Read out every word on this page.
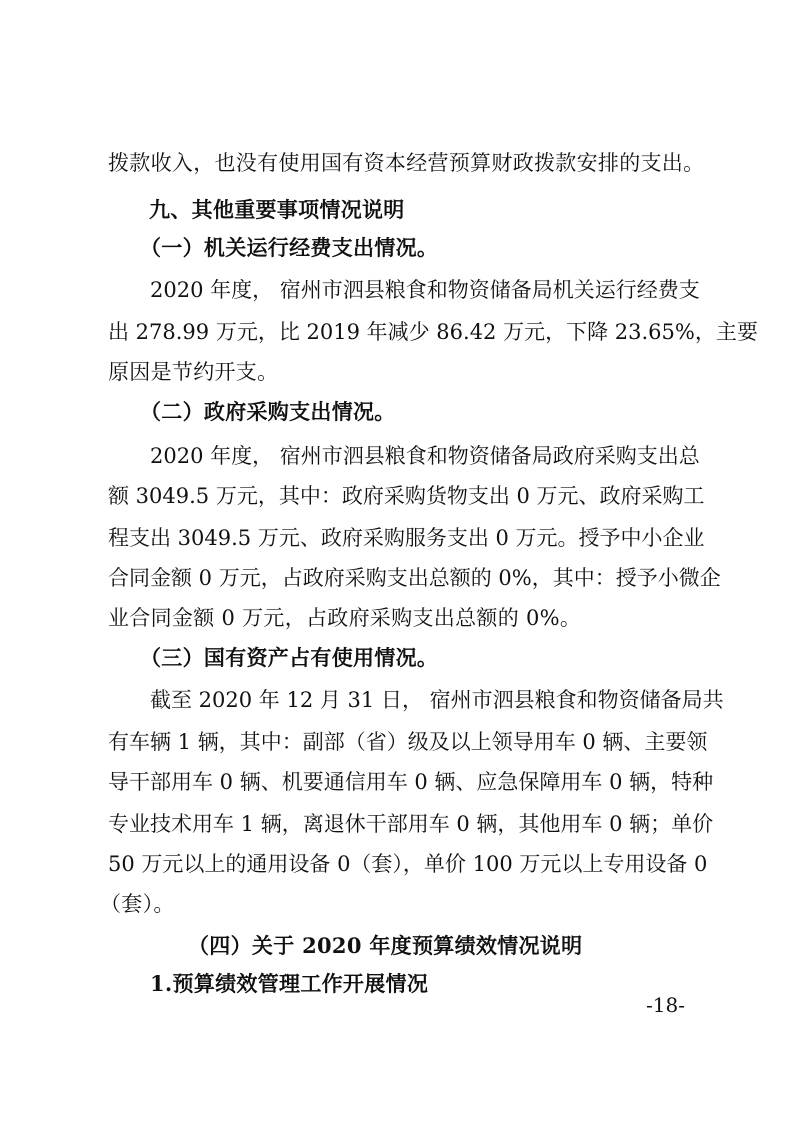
拨款收入，也没有使用国有资本经营预算财政拨款安排的支出。
九、其他重要事项情况说明
（一）机关运行经费支出情况。
2020 年度， 宿州市泗县粮食和物资储备局机关运行经费支
出 278.99 万元，比 2019 年减少 86.42 万元，下降 23.65%，主要
原因是节约开支。
（二）政府采购支出情况。
2020 年度， 宿州市泗县粮食和物资储备局政府采购支出总
额 3049.5 万元，其中：政府采购货物支出 0 万元、政府采购工
程支出 3049.5 万元、政府采购服务支出 0 万元。授予中小企业
合同金额 0 万元，占政府采购支出总额的 0%，其中：授予小微企
业合同金额 0 万元，占政府采购支出总额的 0%。
（三）国有资产占有使用情况。
截至 2020 年 12 月 31 日， 宿州市泗县粮食和物资储备局共
有车辆 1 辆，其中：副部（省）级及以上领导用车 0 辆、主要领
导干部用车 0 辆、机要通信用车 0 辆、应急保障用车 0 辆，特种
专业技术用车 1 辆，离退休干部用车 0 辆，其他用车 0 辆；单价
50 万元以上的通用设备 0（套），单价 100 万元以上专用设备 0
（套）。
（四）关于 2020 年度预算绩效情况说明
1.预算绩效管理工作开展情况
-18-
